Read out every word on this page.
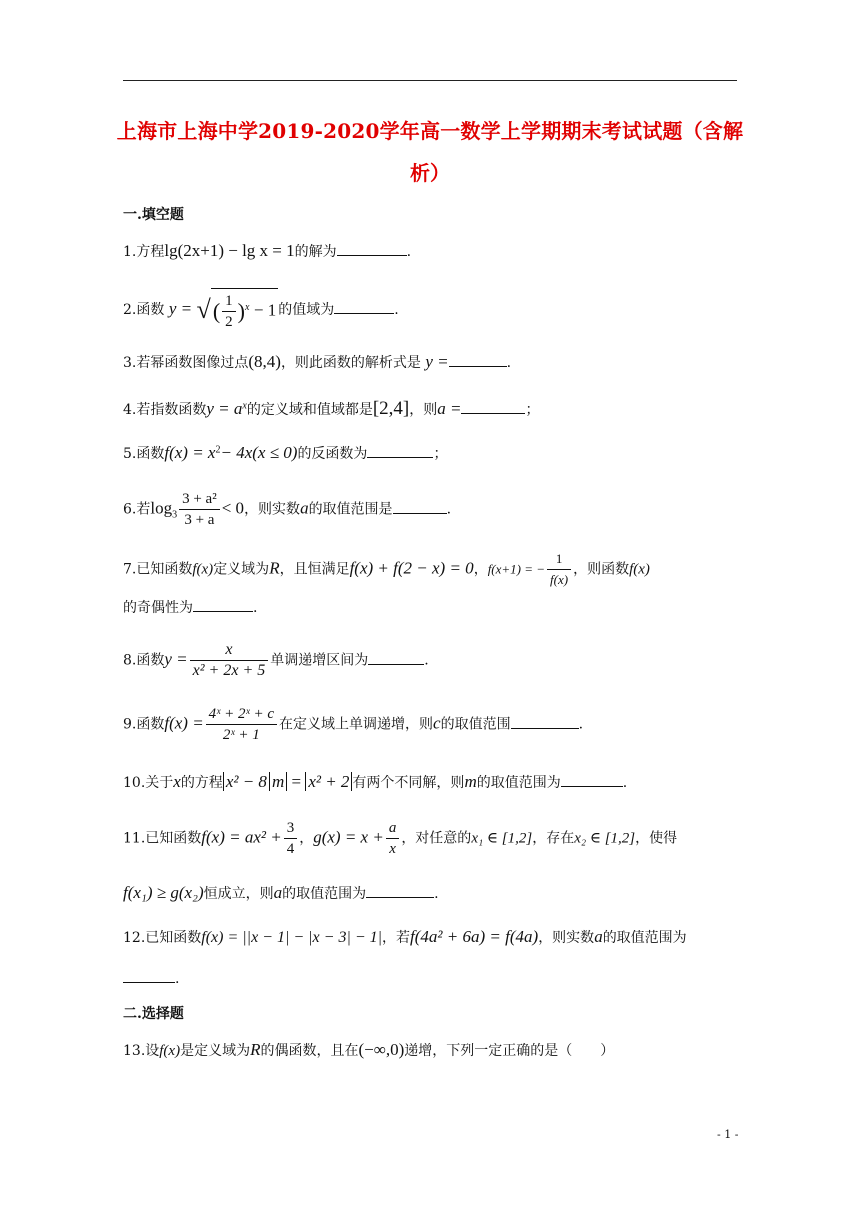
上海市上海中学2019-2020学年高一数学上学期期末考试试题（含解
析）
一.填空题
1.方程lg(2x+1) − lg x = 1的解为	.
2.函数 y = √( $\frac{1}{2} )^x - 1$ 的值域为	.
3.若幂函数图像过点(8,4)，则此函数的解析式是 y =	.
4.若指数函数$y = a^x$的定义域和值域都是[2,4]，则a =	；
5.函数$f(x) = x^2- 4x(x \le 0)$的反函数为	；
6.若$\log_3 \frac{\text{3 + a²}}{3 + a} < 0$，则实数a的取值范围是	.
7.已知函数f(x)定义域为R，且恒满足f(x) + f(2 − x) = 0，f(x+1) = − $\frac{1}{f(x)}$ ，则函数f(x)
的奇偶性为	.
8.函数$y = \frac{x}{\text{x² + 2x + 5}}$ 单调递增区间为	.
9.函数$f(x) = \frac{\text{4ˣ + 2ˣ + c}}{\text{2ˣ + 1}}$ 在定义域上单调递增，则c的取值范围	.
10.关于x的方程 x² − 8 m = x² + 2 有两个不同解，则m的取值范围为	.
11.已知函数$f(x) = ax^2 + \frac{3}{4}$ ，$g(x) = x + \frac{a}{x}$ ，对任意的x₁ ∈ [1,2]，存在x₂ ∈ [1,2]，使得
f(x₁) ≥ g(x₂)恒成立，则a的取值范围为	.
12.已知函数f(x) = ||x − 1| − |x − 3| − 1|，若f(4a² + 6a) = f(4a)，则实数a的取值范围为
.
二.选择题
13.设f(x)是定义域为R的偶函数，且在(−∞,0)递增，下列一定正确的是（　　）
- 1 -
